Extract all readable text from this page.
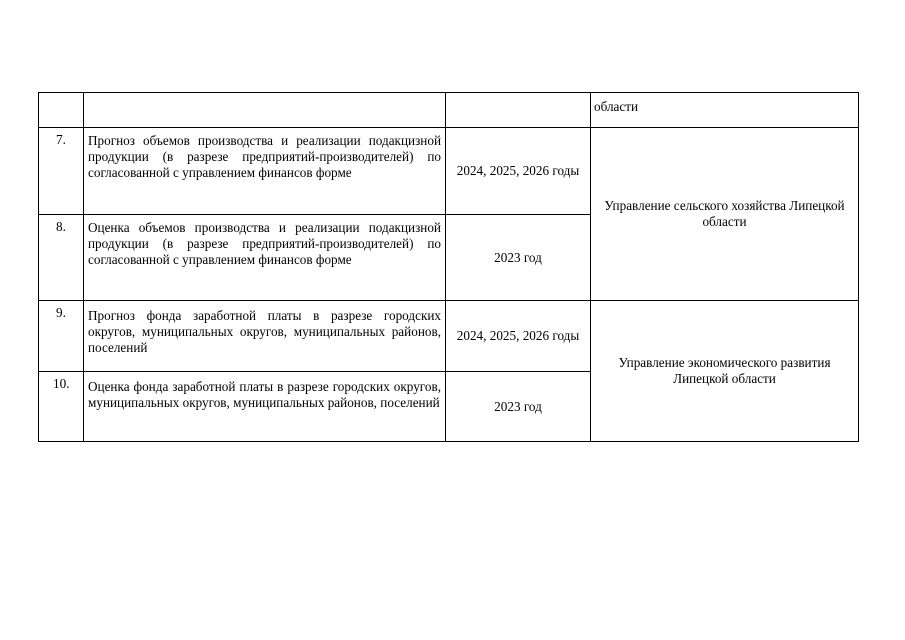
			области
7.	Прогноз объемов производства и реализации подакцизной продукции (в разрезе предприятий-производителей) по согласованной с управлением финансов форме	2024, 2025, 2026 годы	Управление сельского хозяйства Липецкой области
8.	Оценка объемов производства и реализации подакцизной продукции (в разрезе предприятий-производителей) по согласованной с управлением финансов форме	2023 год	
9.	Прогноз фонда заработной платы в разрезе городских округов, муниципальных округов, муниципальных районов, поселений	2024, 2025, 2026 годы	Управление экономического развития Липецкой области
10.	Оценка фонда заработной платы в разрезе городских округов, муниципальных округов, муниципальных районов, поселений	2023 год	
